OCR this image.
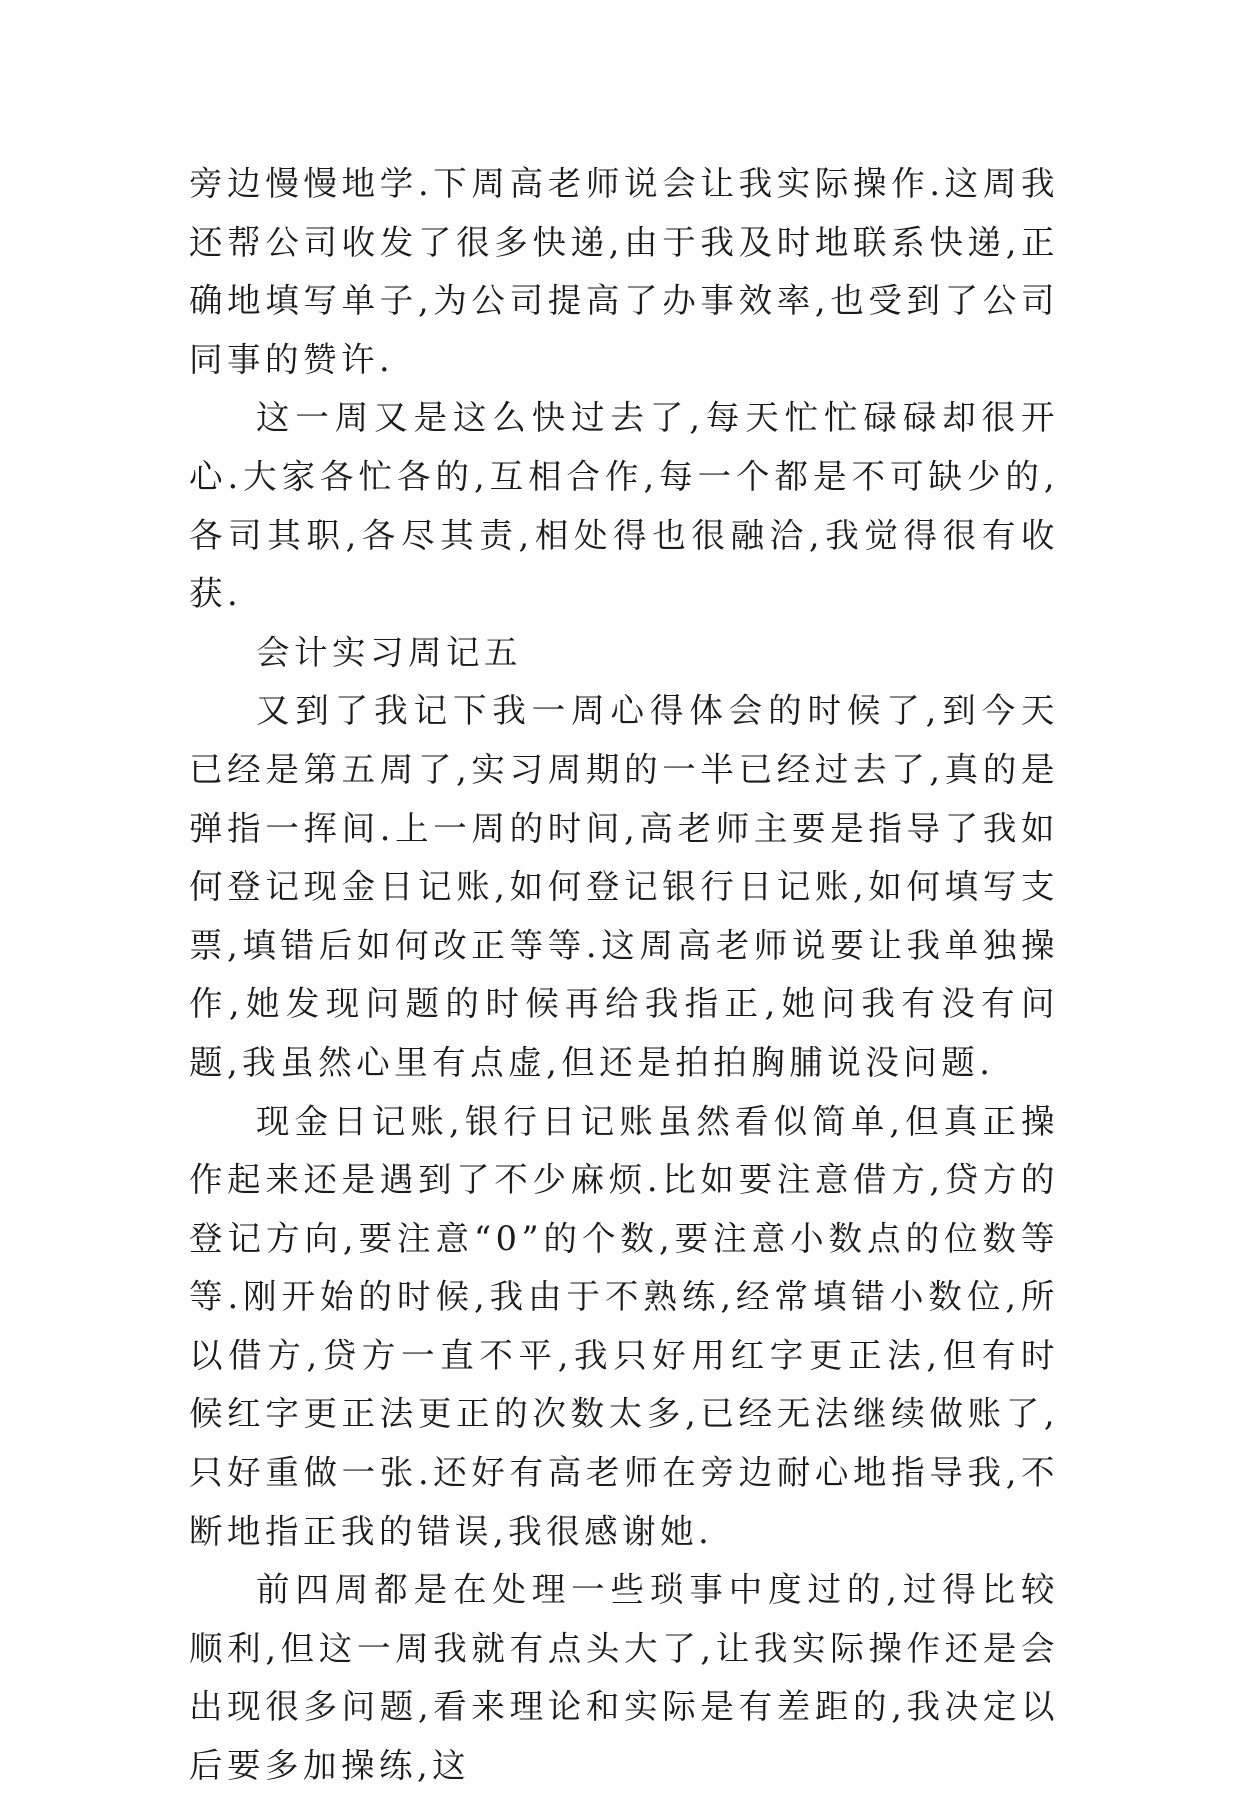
旁边慢慢地学.下周高老师说会让我实际操作.这周我还帮公司收发了很多快递,由于我及时地联系快递,正确地填写单子,为公司提高了办事效率,也受到了公司同事的赞许.

这一周又是这么快过去了,每天忙忙碌碌却很开心.大家各忙各的,互相合作,每一个都是不可缺少的,各司其职,各尽其责,相处得也很融洽,我觉得很有收获.

会计实习周记五

又到了我记下我一周心得体会的时候了,到今天已经是第五周了,实习周期的一半已经过去了,真的是弹指一挥间.上一周的时间,高老师主要是指导了我如何登记现金日记账,如何登记银行日记账,如何填写支票,填错后如何改正等等.这周高老师说要让我单独操作,她发现问题的时候再给我指正,她问我有没有问题,我虽然心里有点虚,但还是拍拍胸脯说没问题.

现金日记账,银行日记账虽然看似简单,但真正操作起来还是遇到了不少麻烦.比如要注意借方,贷方的登记方向,要注意“0”的个数,要注意小数点的位数等等.刚开始的时候,我由于不熟练,经常填错小数位,所以借方,贷方一直不平,我只好用红字更正法,但有时候红字更正法更正的次数太多,已经无法继续做账了,只好重做一张.还好有高老师在旁边耐心地指导我,不断地指正我的错误,我很感谢她.

前四周都是在处理一些琐事中度过的,过得比较顺利,但这一周我就有点头大了,让我实际操作还是会出现很多问题,看来理论和实际是有差距的,我决定以后要多加操练,这
